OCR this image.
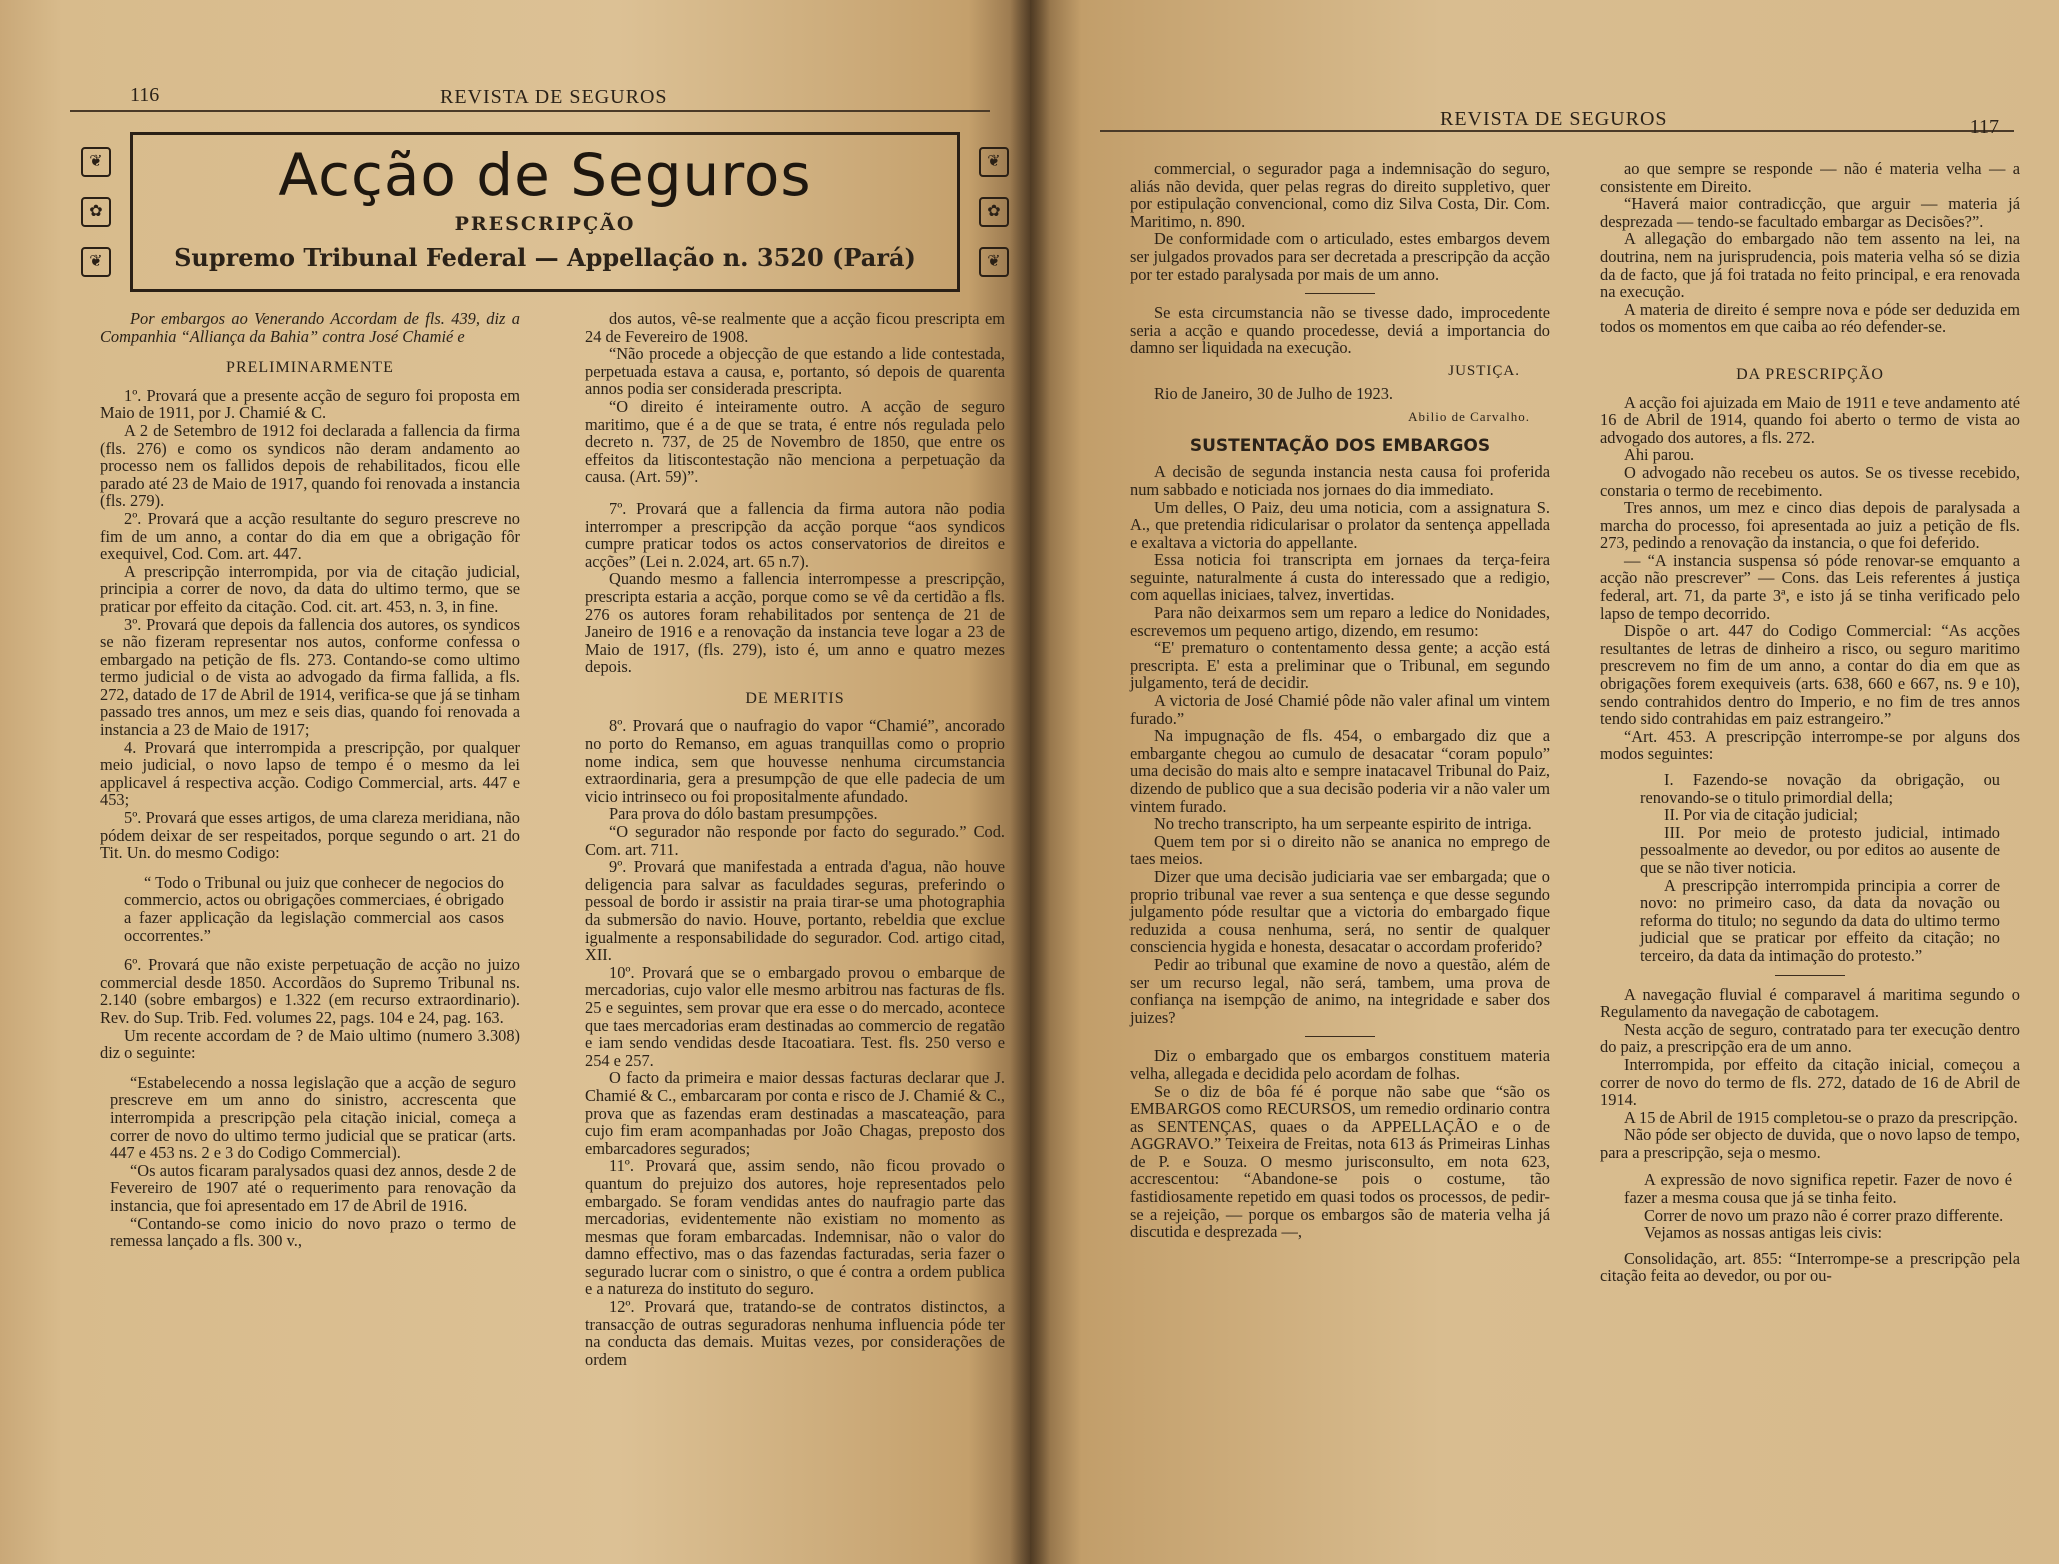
116	REVISTA DE SEGUROS
❦
✿
❦
❦
✿
❦
Acção de Seguros
PRESCRIPÇÃO
Supremo Tribunal Federal — Appellação n. 3520 (Pará)

Por embargos ao Venerando Accordam de fls. 439, diz a Companhia “Alliança da Bahia” contra José Chamié e

PRELIMINARMENTE

1º. Provará que a presente acção de seguro foi proposta em Maio de 1911, por J. Chamié & C.

A 2 de Setembro de 1912 foi declarada a fallencia da firma (fls. 276) e como os syndicos não deram andamento ao processo nem os fallidos depois de rehabilitados, ficou elle parado até 23 de Maio de 1917, quando foi renovada a instancia (fls. 279).

2º. Provará que a acção resultante do seguro prescreve no fim de um anno, a contar do dia em que a obrigação fôr exequivel, Cod. Com. art. 447.

A prescripção interrompida, por via de citação judicial, principia a correr de novo, da data do ultimo termo, que se praticar por effeito da citação. Cod. cit. art. 453, n. 3, in fine.

3º. Provará que depois da fallencia dos autores, os syndicos se não fizeram representar nos autos, conforme confessa o embargado na petição de fls. 273. Contando-se como ultimo termo judicial o de vista ao advogado da firma fallida, a fls. 272, datado de 17 de Abril de 1914, verifica-se que já se tinham passado tres annos, um mez e seis dias, quando foi renovada a instancia a 23 de Maio de 1917;

4. Provará que interrompida a prescripção, por qualquer meio judicial, o novo lapso de tempo é o mesmo da lei applicavel á respectiva acção. Codigo Commercial, arts. 447 e 453;

5º. Provará que esses artigos, de uma clareza meridiana, não pódem deixar de ser respeitados, porque segundo o art. 21 do Tit. Un. do mesmo Codigo:

“ Todo o Tribunal ou juiz que conhecer de negocios do commercio, actos ou obrigações commerciaes, é obrigado a fazer applicação da legislação commercial aos casos occorrentes.”

6º. Provará que não existe perpetuação de acção no juizo commercial desde 1850. Accordãos do Supremo Tribunal ns. 2.140 (sobre embargos) e 1.322 (em recurso extraordinario). Rev. do Sup. Trib. Fed. volumes 22, pags. 104 e 24, pag. 163.

Um recente accordam de ? de Maio ultimo (numero 3.308) diz o seguinte:

“Estabelecendo a nossa legislação que a acção de seguro prescreve em um anno do sinistro, accrescenta que interrompida a prescripção pela citação inicial, começa a correr de novo do ultimo termo judicial que se praticar (arts. 447 e 453 ns. 2 e 3 do Codigo Commercial).

“Os autos ficaram paralysados quasi dez annos, desde 2 de Fevereiro de 1907 até o requerimento para renovação da instancia, que foi apresentado em 17 de Abril de 1916.

“Contando-se como inicio do novo prazo o termo de remessa lançado a fls. 300 v.,

dos autos, vê-se realmente que a acção ficou prescripta em 24 de Fevereiro de 1908.

“Não procede a objecção de que estando a lide contestada, perpetuada estava a causa, e, portanto, só depois de quarenta annos podia ser considerada prescripta.

“O direito é inteiramente outro. A acção de seguro maritimo, que é a de que se trata, é entre nós regulada pelo decreto n. 737, de 25 de Novembro de 1850, que entre os effeitos da litiscontestação não menciona a perpetuação da causa. (Art. 59)”.

7º. Provará que a fallencia da firma autora não podia interromper a prescripção da acção porque “aos syndicos cumpre praticar todos os actos conservatorios de direitos e acções” (Lei n. 2.024, art. 65 n.7).

Quando mesmo a fallencia interrompesse a prescripção, prescripta estaria a acção, porque como se vê da certidão a fls. 276 os autores foram rehabilitados por sentença de 21 de Janeiro de 1916 e a renovação da instancia teve logar a 23 de Maio de 1917, (fls. 279), isto é, um anno e quatro mezes depois.

DE MERITIS

8º. Provará que o naufragio do vapor “Chamié”, ancorado no porto do Remanso, em aguas tranquillas como o proprio nome indica, sem que houvesse nenhuma circumstancia extraordinaria, gera a presumpção de que elle padecia de um vicio intrinseco ou foi propositalmente afundado.

Para prova do dólo bastam presumpções.

“O segurador não responde por facto do segurado.” Cod. Com. art. 711.

9º. Provará que manifestada a entrada d'agua, não houve deligencia para salvar as faculdades seguras, preferindo o pessoal de bordo ir assistir na praia tirar-se uma photographia da submersão do navio. Houve, portanto, rebeldia que exclue igualmente a responsabilidade do segurador. Cod. artigo citad, XII.

10º. Provará que se o embargado provou o embarque de mercadorias, cujo valor elle mesmo arbitrou nas facturas de fls. 25 e seguintes, sem provar que era esse o do mercado, acontece que taes mercadorias eram destinadas ao commercio de regatão e iam sendo vendidas desde Itacoatiara. Test. fls. 250 verso e 254 e 257.

O facto da primeira e maior dessas facturas declarar que J. Chamié & C., embarcaram por conta e risco de J. Chamié & C., prova que as fazendas eram destinadas a mascateação, para cujo fim eram acompanhadas por João Chagas, preposto dos embarcadores segurados;

11º. Provará que, assim sendo, não ficou provado o quantum do prejuizo dos autores, hoje representados pelo embargado. Se foram vendidas antes do naufragio parte das mercadorias, evidentemente não existiam no momento as mesmas que foram embarcadas. Indemnisar, não o valor do damno effectivo, mas o das fazendas facturadas, seria fazer o segurado lucrar com o sinistro, o que é contra a ordem publica e a natureza do instituto do seguro.

12º. Provará que, tratando-se de contratos distinctos, a transacção de outras seguradoras nenhuma influencia póde ter na conducta das demais. Muitas vezes, por considerações de ordem

REVISTA DE SEGUROS	117

commercial, o segurador paga a indemnisação do seguro, aliás não devida, quer pelas regras do direito suppletivo, quer por estipulação convencional, como diz Silva Costa, Dir. Com. Maritimo, n. 890.

De conformidade com o articulado, estes embargos devem ser julgados provados para ser decretada a prescripção da acção por ter estado paralysada por mais de um anno.

Se esta circumstancia não se tivesse dado, improcedente seria a acção e quando procedesse, deviá a importancia do damno ser liquidada na execução.

JUSTIÇA.

Rio de Janeiro, 30 de Julho de 1923.

Abilio de Carvalho.

SUSTENTAÇÃO DOS EMBARGOS

A decisão de segunda instancia nesta causa foi proferida num sabbado e noticiada nos jornaes do dia immediato.

Um delles, O Paiz, deu uma noticia, com a assignatura S. A., que pretendia ridicularisar o prolator da sentença appellada e exaltava a victoria do appellante.

Essa noticia foi transcripta em jornaes da terça-feira seguinte, naturalmente á custa do interessado que a redigio, com aquellas iniciaes, talvez, invertidas.

Para não deixarmos sem um reparo a ledice do Nonidades, escrevemos um pequeno artigo, dizendo, em resumo:

“E' prematuro o contentamento dessa gente; a acção está prescripta. E' esta a preliminar que o Tribunal, em segundo julgamento, terá de decidir.

A victoria de José Chamié pôde não valer afinal um vintem furado.”

Na impugnação de fls. 454, o embargado diz que a embargante chegou ao cumulo de desacatar “coram populo” uma decisão do mais alto e sempre inatacavel Tribunal do Paiz, dizendo de publico que a sua decisão poderia vir a não valer um vintem furado.

No trecho transcripto, ha um serpeante espirito de intriga.

Quem tem por si o direito não se ananica no emprego de taes meios.

Dizer que uma decisão judiciaria vae ser embargada; que o proprio tribunal vae rever a sua sentença e que desse segundo julgamento póde resultar que a victoria do embargado fique reduzida a cousa nenhuma, será, no sentir de qualquer consciencia hygida e honesta, desacatar o accordam proferido?

Pedir ao tribunal que examine de novo a questão, além de ser um recurso legal, não será, tambem, uma prova de confiança na isempção de animo, na integridade e saber dos juizes?

Diz o embargado que os embargos constituem materia velha, allegada e decidida pelo acordam de folhas.

Se o diz de bôa fé é porque não sabe que “são os EMBARGOS como RECURSOS, um remedio ordinario contra as SENTENÇAS, quaes o da APPELLAÇÃO e o de AGGRAVO.” Teixeira de Freitas, nota 613 ás Primeiras Linhas de P. e Souza. O mesmo jurisconsulto, em nota 623, accrescentou: “Abandone-se pois o costume, tão fastidiosamente repetido em quasi todos os processos, de pedir-se a rejeição, — porque os embargos são de materia velha já discutida e desprezada —,

ao que sempre se responde — não é materia velha — a consistente em Direito.

“Haverá maior contradicção, que arguir — materia já desprezada — tendo-se facultado embargar as Decisões?”.

A allegação do embargado não tem assento na lei, na doutrina, nem na jurisprudencia, pois materia velha só se dizia da de facto, que já foi tratada no feito principal, e era renovada na execução.

A materia de direito é sempre nova e póde ser deduzida em todos os momentos em que caiba ao réo defender-se.

DA PRESCRIPÇÃO

A acção foi ajuizada em Maio de 1911 e teve andamento até 16 de Abril de 1914, quando foi aberto o termo de vista ao advogado dos autores, a fls. 272.

Ahi parou.

O advogado não recebeu os autos. Se os tivesse recebido, constaria o termo de recebimento.

Tres annos, um mez e cinco dias depois de paralysada a marcha do processo, foi apresentada ao juiz a petição de fls. 273, pedindo a renovação da instancia, o que foi deferido.

— “A instancia suspensa só póde renovar-se emquanto a acção não prescrever” — Cons. das Leis referentes á justiça federal, art. 71, da parte 3ª, e isto já se tinha verificado pelo lapso de tempo decorrido.

Dispõe o art. 447 do Codigo Commercial: “As acções resultantes de letras de dinheiro a risco, ou seguro maritimo prescrevem no fim de um anno, a contar do dia em que as obrigações forem exequiveis (arts. 638, 660 e 667, ns. 9 e 10), sendo contrahidos dentro do Imperio, e no fim de tres annos tendo sido contrahidas em paiz estrangeiro.”

“Art. 453. A prescripção interrompe-se por alguns dos modos seguintes:

I. Fazendo-se novação da obrigação, ou renovando-se o titulo primordial della;

II. Por via de citação judicial;

III. Por meio de protesto judicial, intimado pessoalmente ao devedor, ou por editos ao ausente de que se não tiver noticia.

A prescripção interrompida principia a correr de novo: no primeiro caso, da data da novação ou reforma do titulo; no segundo da data do ultimo termo judicial que se praticar por effeito da citação; no terceiro, da data da intimação do protesto.”

A navegação fluvial é comparavel á maritima segundo o Regulamento da navegação de cabotagem.

Nesta acção de seguro, contratado para ter execução dentro do paiz, a prescripção era de um anno.

Interrompida, por effeito da citação inicial, começou a correr de novo do termo de fls. 272, datado de 16 de Abril de 1914.

A 15 de Abril de 1915 completou-se o prazo da prescripção.

Não póde ser objecto de duvida, que o novo lapso de tempo, para a prescripção, seja o mesmo.

A expressão de novo significa repetir. Fazer de novo é fazer a mesma cousa que já se tinha feito.

Correr de novo um prazo não é correr prazo differente.

Vejamos as nossas antigas leis civis:

Consolidação, art. 855: “Interrompe-se a prescripção pela citação feita ao devedor, ou por ou-
